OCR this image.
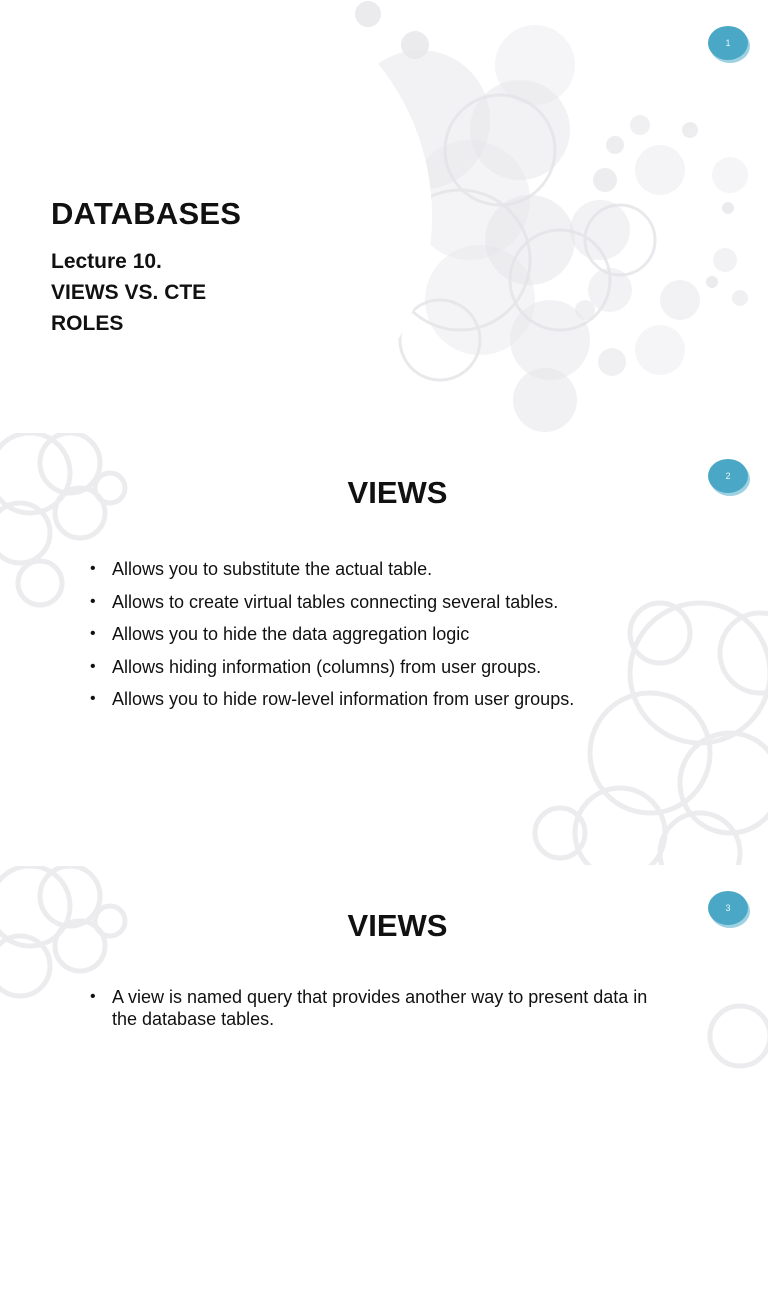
1
DATABASES
Lecture 10.
VIEWS VS. CTE
ROLES
2
VIEWS
• Allows you to substitute the actual table.
• Allows to create virtual tables connecting several tables.
• Allows you to hide the data aggregation logic
• Allows hiding information (columns) from user groups.
• Allows you to hide row-level information from user groups.
3
VIEWS
• A view is named query that provides another way to present data in the database tables.
